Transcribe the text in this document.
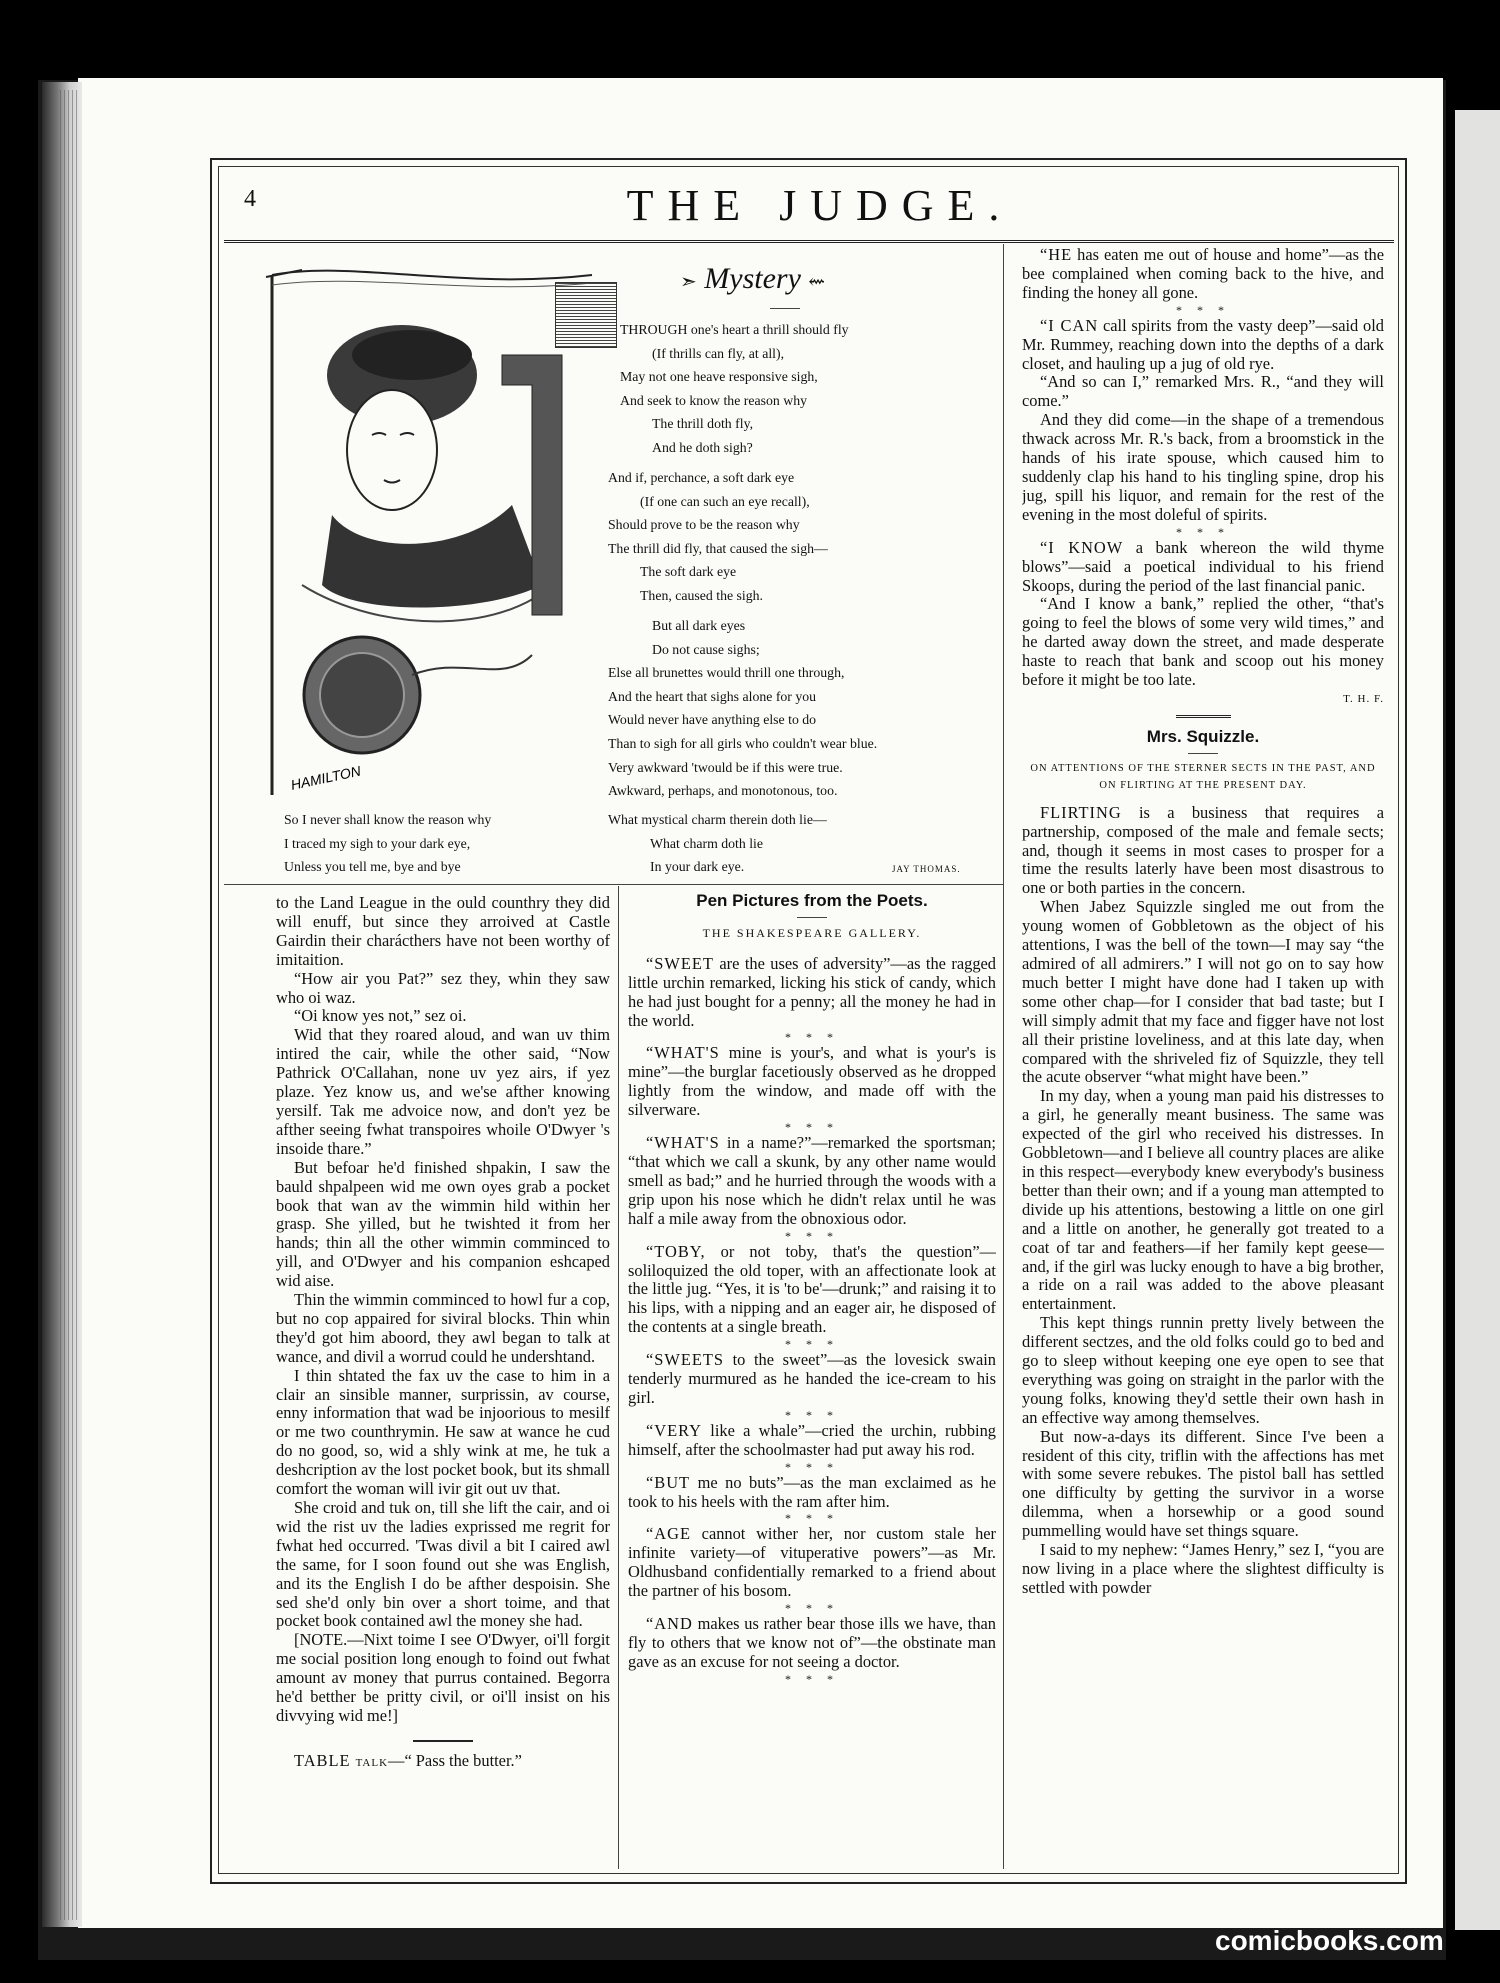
4	THE JUDGE.
HAMILTON
➣ Mystery ⇜
THROUGH one's heart a thrill should fly
(If thrills can fly, at all),
May not one heave responsive sigh,
And seek to know the reason why
The thrill doth fly,
And he doth sigh?
And if, perchance, a soft dark eye
(If one can such an eye recall),
Should prove to be the reason why
The thrill did fly, that caused the sigh—
The soft dark eye
Then, caused the sigh.
But all dark eyes
Do not cause sighs;
Else all brunettes would thrill one through,
And the heart that sighs alone for you
Would never have anything else to do
Than to sigh for all girls who couldn't wear blue.
Very awkward 'twould be if this were true.
Awkward, perhaps, and monotonous, too.
What mystical charm therein doth lie—
What charm doth lie
In your dark eye.
So I never shall know the reason why
I traced my sigh to your dark eye,
Unless you tell me, bye and bye	JAY THOMAS.

to the Land League in the ould counthry they did will enuff, but since they arroived at Castle Gairdin their charácthers have not been worthy of imitaition.

“How air you Pat?” sez they, whin they saw who oi waz.

“Oi know yes not,” sez oi.

Wid that they roared aloud, and wan uv thim intired the cair, while the other said, “Now Pathrick O'Callahan, none uv yez airs, if yez plaze. Yez know us, and we'se afther knowing yersilf. Tak me advoice now, and don't yez be afther seeing fwhat transpoires whoile O'Dwyer 's insoide thare.”

But befoar he'd finished shpakin, I saw the bauld shpalpeen wid me own oyes grab a pocket book that wan av the wimmin hild within her grasp. She yilled, but he twishted it from her hands; thin all the other wimmin comminced to yill, and O'Dwyer and his companion eshcaped wid aise.

Thin the wimmin comminced to howl fur a cop, but no cop appaired for siviral blocks. Thin whin they'd got him aboord, they awl began to talk at wance, and divil a worrud could he undershtand.

I thin shtated the fax uv the case to him in a clair an sinsible manner, surprissin, av course, enny information that wad be injoorious to mesilf or me two counthrymin. He saw at wance he cud do no good, so, wid a shly wink at me, he tuk a deshcription av the lost pocket book, but its shmall comfort the woman will ivir git out uv that.

She croid and tuk on, till she lift the cair, and oi wid the rist uv the ladies exprissed me regrit for fwhat hed occurred. 'Twas divil a bit I caired awl the same, for I soon found out she was English, and its the English I do be afther despoisin. She sed she'd only bin over a short toime, and that pocket book contained awl the money she had.

[NOTE.—Nixt toime I see O'Dwyer, oi'll forgit me social position long enough to foind out fwhat amount av money that purrus contained. Begorra he'd betther be pritty civil, or oi'll insist on his divvying wid me!]

TABLE talk—“ Pass the butter.”

Pen Pictures from the Poets.
THE SHAKESPEARE GALLERY.

“SWEET are the uses of adversity”—as the ragged little urchin remarked, licking his stick of candy, which he had just bought for a penny; all the money he had in the world.

* * *

“WHAT'S mine is your's, and what is your's is mine”—the burglar facetiously observed as he dropped lightly from the window, and made off with the silverware.

* * *

“WHAT'S in a name?”—remarked the sportsman; “that which we call a skunk, by any other name would smell as bad;” and he hurried through the woods with a grip upon his nose which he didn't relax until he was half a mile away from the obnoxious odor.

* * *

“TOBY, or not toby, that's the question”—soliloquized the old toper, with an affectionate look at the little jug. “Yes, it is 'to be'—drunk;” and raising it to his lips, with a nipping and an eager air, he disposed of the contents at a single breath.

* * *

“SWEETS to the sweet”—as the lovesick swain tenderly murmured as he handed the ice-cream to his girl.

* * *

“VERY like a whale”—cried the urchin, rubbing himself, after the schoolmaster had put away his rod.

* * *

“BUT me no buts”—as the man exclaimed as he took to his heels with the ram after him.

* * *

“AGE cannot wither her, nor custom stale her infinite variety—of vituperative powers”—as Mr. Oldhusband confidentially remarked to a friend about the partner of his bosom.

* * *

“AND makes us rather bear those ills we have, than fly to others that we know not of”—the obstinate man gave as an excuse for not seeing a doctor.

* * *

“HE has eaten me out of house and home”—as the bee complained when coming back to the hive, and finding the honey all gone.

* * *

“I CAN call spirits from the vasty deep”—said old Mr. Rummey, reaching down into the depths of a dark closet, and hauling up a jug of old rye.

“And so can I,” remarked Mrs. R., “and they will come.”

And they did come—in the shape of a tremendous thwack across Mr. R.'s back, from a broomstick in the hands of his irate spouse, which caused him to suddenly clap his hand to his tingling spine, drop his jug, spill his liquor, and remain for the rest of the evening in the most doleful of spirits.

* * *

“I KNOW a bank whereon the wild thyme blows”—said a poetical individual to his friend Skoops, during the period of the last financial panic.

“And I know a bank,” replied the other, “that's going to feel the blows of some very wild times,” and he darted away down the street, and made desperate haste to reach that bank and scoop out his money before it might be too late.

T. H. F.
Mrs. Squizzle.
ON ATTENTIONS OF THE STERNER SECTS IN THE PAST, AND ON FLIRTING AT THE PRESENT DAY.

FLIRTING is a business that requires a partnership, composed of the male and female sects; and, though it seems in most cases to prosper for a time the results laterly have been most disastrous to one or both parties in the concern.

When Jabez Squizzle singled me out from the young women of Gobbletown as the object of his attentions, I was the bell of the town—I may say “the admired of all admirers.” I will not go on to say how much better I might have done had I taken up with some other chap—for I consider that bad taste; but I will simply admit that my face and figger have not lost all their pristine loveliness, and at this late day, when compared with the shriveled fiz of Squizzle, they tell the acute observer “what might have been.”

In my day, when a young man paid his distresses to a girl, he generally meant business. The same was expected of the girl who received his distresses. In Gobbletown—and I believe all country places are alike in this respect—everybody knew everybody's business better than their own; and if a young man attempted to divide up his attentions, bestowing a little on one girl and a little on another, he generally got treated to a coat of tar and feathers—if her family kept geese—and, if the girl was lucky enough to have a big brother, a ride on a rail was added to the above pleasant entertainment.

This kept things runnin pretty lively between the different sectzes, and the old folks could go to bed and go to sleep without keeping one eye open to see that everything was going on straight in the parlor with the young folks, knowing they'd settle their own hash in an effective way among themselves.

But now-a-days its different. Since I've been a resident of this city, triflin with the affections has met with some severe rebukes. The pistol ball has settled one difficulty by getting the survivor in a worse dilemma, when a horsewhip or a good sound pummelling would have set things square.

I said to my nephew: “James Henry,” sez I, “you are now living in a place where the slightest difficulty is settled with powder

comicbooks.com
